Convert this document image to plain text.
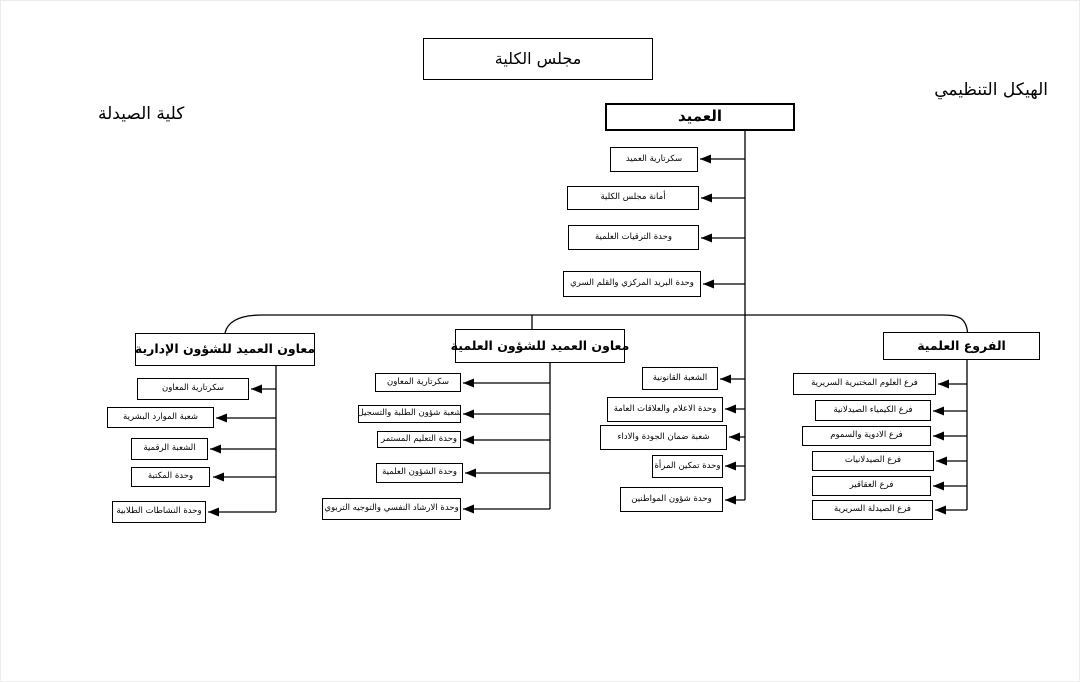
الهيكل التنظيمي
كلية الصيدلة
مجلس الكلية
العميد
سكرتارية العميد
أمانة مجلس الكلية
وحدة الترقيات العلمية
وحدة البريد المركزي والقلم السري
معاون العميد للشؤون الإدارية	معاون العميد للشؤون العلمية	الفروع العلمية
سكرتارية المعاون
شعبة الموارد البشرية
الشعبة الرقمية
وحدة المكتبة
وحدة النشاطات الطلابية
سكرتارية المعاون
شعبة شؤون الطلبة والتسجيل
وحدة التعليم المستمر
وحدة الشؤون العلمية
وحدة الارشاد النفسي والتوجيه التربوي
الشعبة القانونية
وحدة الاعلام والعلاقات العامة
شعبة ضمان الجودة والاداء
وحدة تمكين المرأة
وحدة شؤون المواطنين
فرع العلوم المختبرية السريرية
فرع الكيمياء الصيدلانية
فرع الادوية والسموم
فرع الصيدلانيات
فرع العقاقير
فرع الصيدلة السريرية
